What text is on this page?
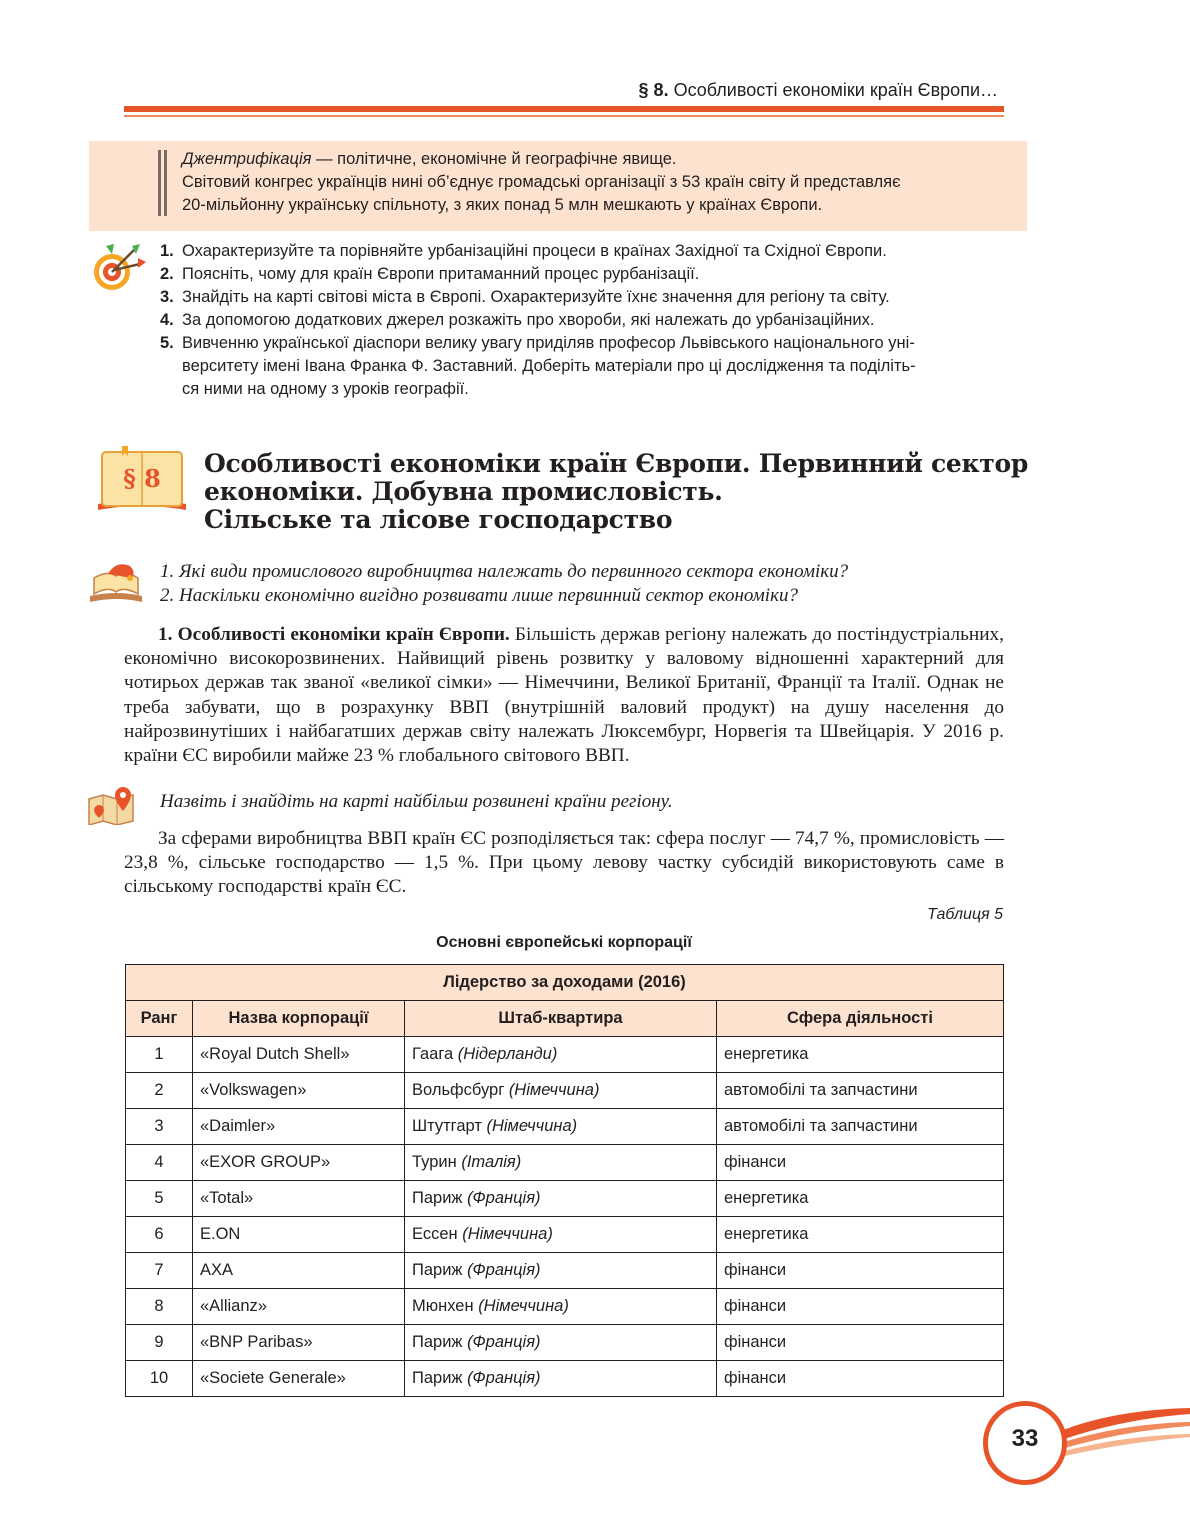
§ 8. Особливості економіки країн Європи…
Джентрифікація — політичне, економічне й географічне явище.
Світовий конгрес українців нині об’єднує громадські організації з 53 країн світу й представляє
20-мільйонну українську спільноту, з яких понад 5 млн мешкають у країнах Європи.
1. Охарактеризуйте та порівняйте урбанізаційні процеси в країнах Західної та Східної Європи.
2. Поясніть, чому для країн Європи притаманний процес рурбанізації.
3. Знайдіть на карті світові міста в Європі. Охарактеризуйте їхнє значення для регіону та світу.
4. За допомогою додаткових джерел розкажіть про хвороби, які належать до урбанізаційних.
5. Вивченню української діаспори велику увагу приділяв професор Львівського національного уні-
верситету імені Івана Франка Ф. Заставний. Доберіть матеріали про ці дослідження та поділіть-
ся ними на одному з уроків географії.
§ 8
Особливості економіки країн Європи. Первинний сектор
економіки. Добувна промисловість.
Сільське та лісове господарство
1. Які види промислового виробництва належать до первинного сектора економіки?
2. Наскільки економічно вигідно розвивати лише первинний сектор економіки?
1. Особливості економіки країн Європи. Більшість держав регіону належать до постіндустріальних, економічно високорозвинених. Найвищий рівень розвитку у валовому відношенні характерний для чотирьох держав так званої «великої сімки» — Німеччини, Великої Британії, Франції та Італії. Однак не треба забувати, що в розрахунку ВВП (внутрішній валовий продукт) на душу населення до найрозвинутіших і найбагатших держав світу належать Люксембург, Норвегія та Швейцарія. У 2016 р. країни ЄС виробили майже 23 % глобального світового ВВП.
Назвіть і знайдіть на карті найбільш розвинені країни регіону.
За сферами виробництва ВВП країн ЄС розподіляється так: сфера послуг — 74,7 %, промисловість — 23,8 %, сільське господарство — 1,5 %. При цьому левову частку субсидій використовують саме в сільському господарстві країн ЄС.
Таблиця 5
Основні європейські корпорації
Лідерство за доходами (2016)			
Ранг	Назва корпорації	Штаб-квартира	Сфера діяльності
1	«Royal Dutch Shell»	Гаага (Нідерланди)	енергетика
2	«Volkswagen»	Вольфсбург (Німеччина)	автомобілі та запчастини
3	«Daimler»	Штутгарт (Німеччина)	автомобілі та запчастини
4	«EXOR GROUP»	Турин (Італія)	фінанси
5	«Total»	Париж (Франція)	енергетика
6	E.ON	Ессен (Німеччина)	енергетика
7	AXA	Париж (Франція)	фінанси
8	«Allianz»	Мюнхен (Німеччина)	фінанси
9	«BNP Paribas»	Париж (Франція)	фінанси
10	«Societe Generale»	Париж (Франція)	фінанси
33
